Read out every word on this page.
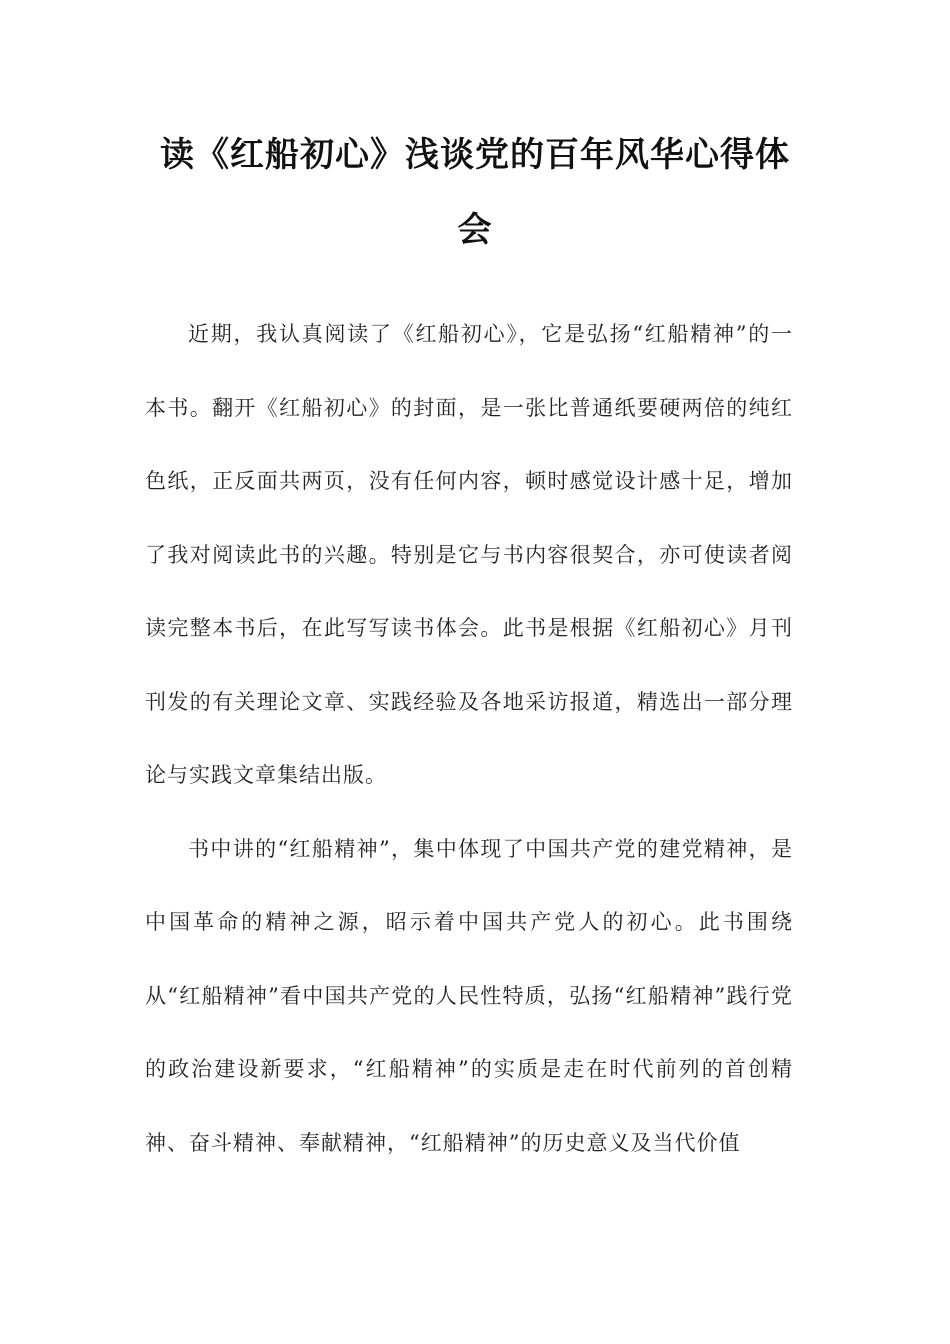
读《红船初心》浅谈党的百年风华心得体会

近期，我认真阅读了《红船初心》，它是弘扬“红船精神”的一本书。翻开《红船初心》的封面，是一张比普通纸要硬两倍的纯红色纸，正反面共两页，没有任何内容，顿时感觉设计感十足，增加了我对阅读此书的兴趣。特别是它与书内容很契合，亦可使读者阅读完整本书后，在此写写读书体会。此书是根据《红船初心》月刊刊发的有关理论文章、实践经验及各地采访报道，精选出一部分理论与实践文章集结出版。

书中讲的“红船精神”，集中体现了中国共产党的建党精神，是中国革命的精神之源，昭示着中国共产党人的初心。此书围绕从“红船精神”看中国共产党的人民性特质，弘扬“红船精神”践行党的政治建设新要求，“红船精神”的实质是走在时代前列的首创精神、奋斗精神、奉献精神，“红船精神”的历史意义及当代价值
